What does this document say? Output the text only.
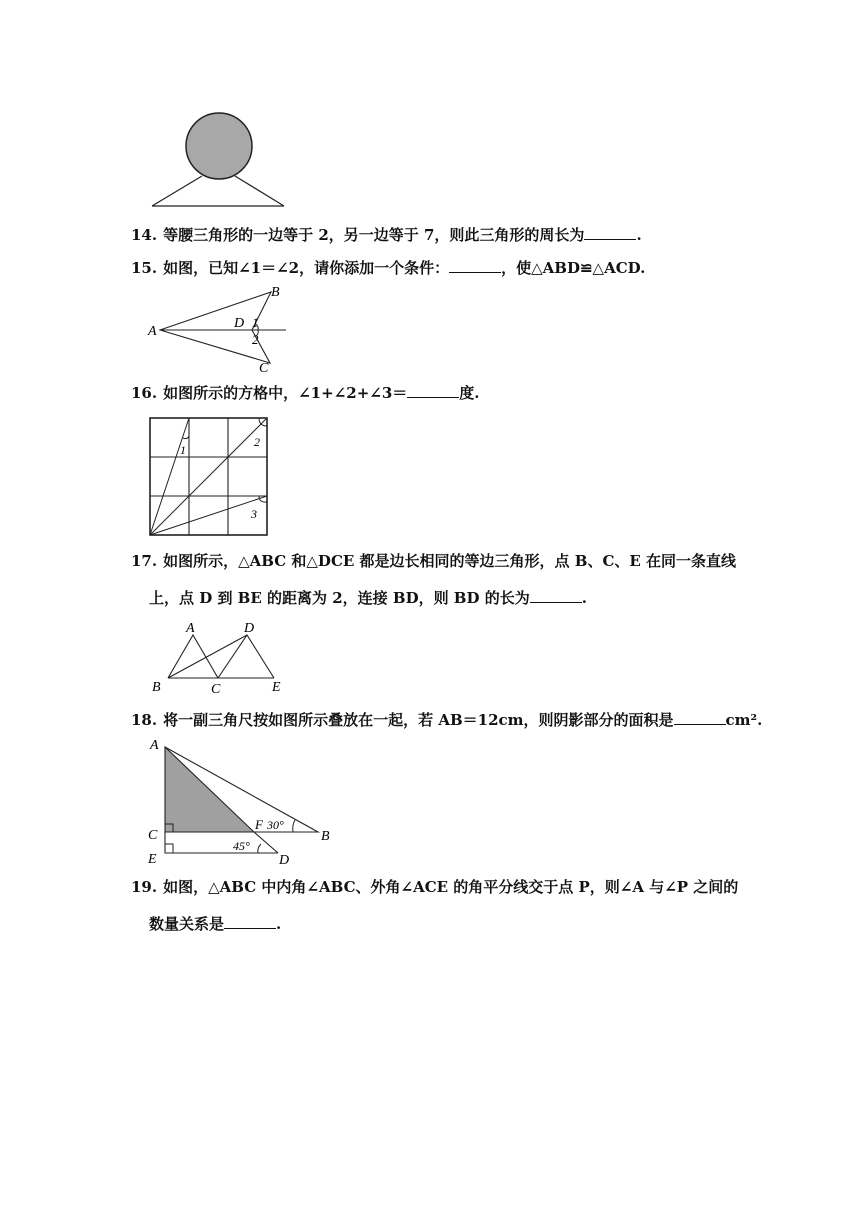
14. 等腰三角形的一边等于 2，另一边等于 7，则此三角形的周长为	.
15. 如图，已知∠1＝∠2，请你添加一个条件：	，使△ABD≌△ACD.
A
B
D 1
2
C
16. 如图所示的方格中，∠1+∠2+∠3＝	度.
1
2
3
17. 如图所示，△ABC 和△DCE 都是边长相同的等边三角形，点 B、C、E 在同一条直线
上，点 D 到 BE 的距离为 2，连接 BD，则 BD 的长为	.
A	D
B	C	E
18. 将一副三角尺按如图所示叠放在一起，若 AB＝12cm，则阴影部分的面积是	cm².
A
C
E
F 30°
B
45°
D
19. 如图，△ABC 中内角∠ABC、外角∠ACE 的角平分线交于点 P，则∠A 与∠P 之间的
数量关系是	.
